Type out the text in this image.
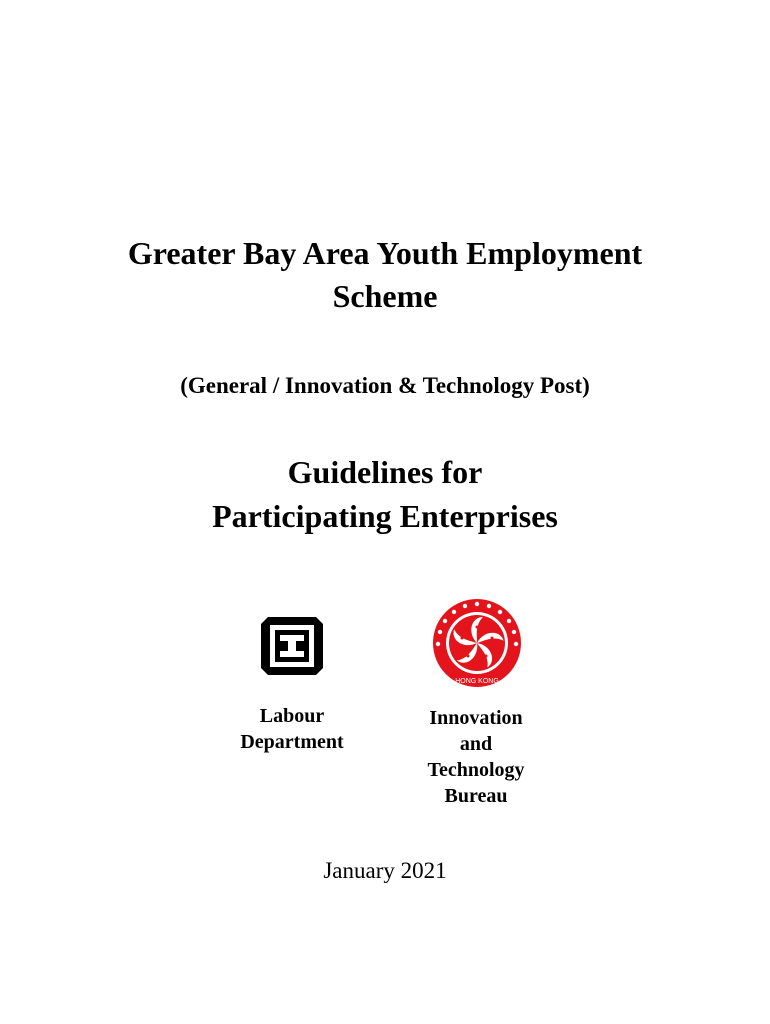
Greater Bay Area Youth Employment
Scheme
(General / Innovation & Technology Post)
Guidelines for
Participating Enterprises
HONG KONG
Labour
Department
Innovation
and
Technology
Bureau
January 2021
